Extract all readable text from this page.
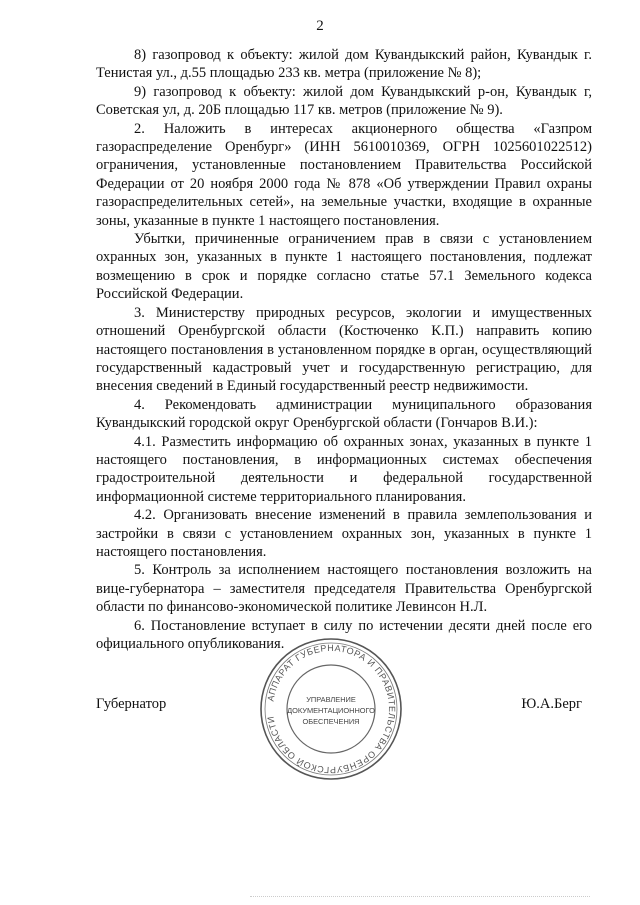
2

8) газопровод к объекту: жилой дом Кувандыкский район, Кувандык г. Тенистая ул., д.55 площадью 233 кв. метра (приложение № 8);

9) газопровод к объекту: жилой дом Кувандыкский р-он, Кувандык г, Советская ул, д. 20Б площадью 117 кв. метров (приложение № 9).

2. Наложить в интересах акционерного общества «Газпром газораспределение Оренбург» (ИНН 5610010369, ОГРН 1025601022512) ограничения, установленные постановлением Правительства Российской Федерации от 20 ноября 2000 года № 878 «Об утверждении Правил охраны газораспределительных сетей», на земельные участки, входящие в охранные зоны, указанные в пункте 1 настоящего постановления.

Убытки, причиненные ограничением прав в связи с установлением охранных зон, указанных в пункте 1 настоящего постановления, подлежат возмещению в срок и порядке согласно статье 57.1 Земельного кодекса Российской Федерации.

3. Министерству природных ресурсов, экологии и имущественных отношений Оренбургской области (Костюченко К.П.) направить копию настоящего постановления в установленном порядке в орган, осуществляющий государственный кадастровый учет и государственную регистрацию, для внесения сведений в Единый государственный реестр недвижимости.

4. Рекомендовать администрации муниципального образования Кувандыкский городской округ Оренбургской области (Гончаров В.И.):

4.1. Разместить информацию об охранных зонах, указанных в пункте 1 настоящего постановления, в информационных системах обеспечения градостроительной деятельности и федеральной государственной информационной системе территориального планирования.

4.2. Организовать внесение изменений в правила землепользования и застройки в связи с установлением охранных зон, указанных в пункте 1 настоящего постановления.

5. Контроль за исполнением настоящего постановления возложить на вице-губернатора – заместителя председателя Правительства Оренбургской области по финансово-экономической политике Левинсон Н.Л.

6. Постановление вступает в силу по истечении десяти дней после его официального опубликования.

Губернатор	Ю.А.Берг
АППАРАТ ГУБЕРНАТОРА И ПРАВИТЕЛЬСТВА ОРЕНБУРГСКОЙ ОБЛАСТИ
УПРАВЛЕНИЕ
ДОКУМЕНТАЦИОННОГО
ОБЕСПЕЧЕНИЯ
